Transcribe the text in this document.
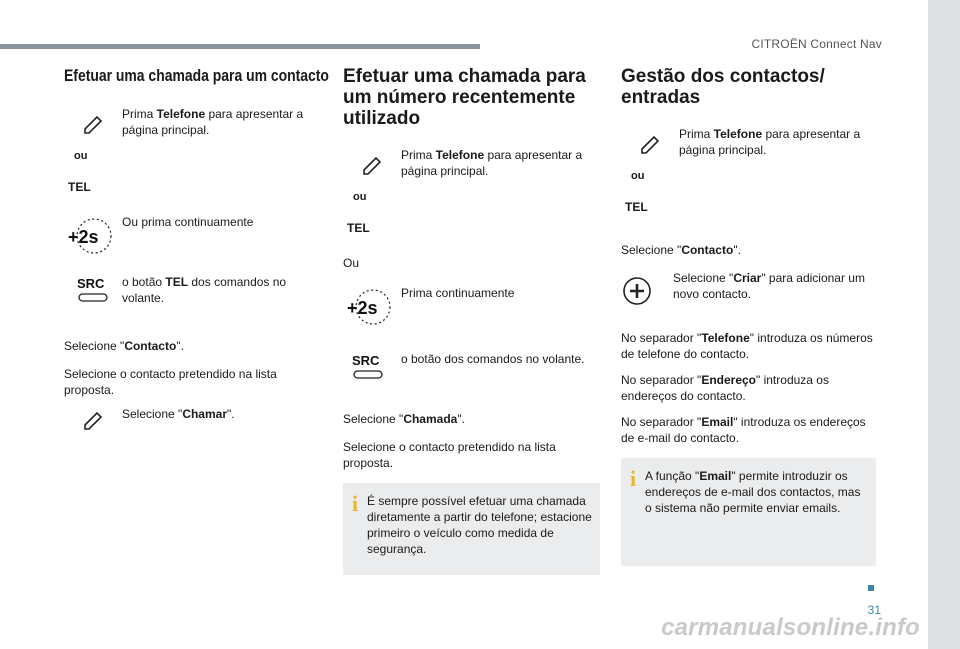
CITROËN Connect Nav
Efetuar uma chamada para um contacto
Prima Telefone para apresentar a página principal.
ou
TEL
+2s
Ou prima continuamente
SRC	o botão TEL dos comandos no volante.
Selecione "Contacto".
Selecione o contacto pretendido na lista proposta.
Selecione "Chamar".
Efetuar uma chamada para um número recentemente utilizado
Prima Telefone para apresentar a página principal.
ou
TEL
Ou
+2s
Prima continuamente
SRC	o botão dos comandos no volante.
Selecione "Chamada".
Selecione o contacto pretendido na lista proposta.
i É sempre possível efetuar uma chamada diretamente a partir do telefone; estacione primeiro o veículo como medida de segurança.
Gestão dos contactos/ entradas
Prima Telefone para apresentar a página principal.
ou
TEL
Selecione "Contacto".
Selecione "Criar" para adicionar um novo contacto.
No separador "Telefone" introduza os números de telefone do contacto.
No separador "Endereço" introduza os endereços do contacto.
No separador "Email" introduza os endereços de e-mail do contacto.
i A função "Email" permite introduzir os endereços de e-mail dos contactos, mas o sistema não permite enviar emails.
31
carmanualsonline.info
